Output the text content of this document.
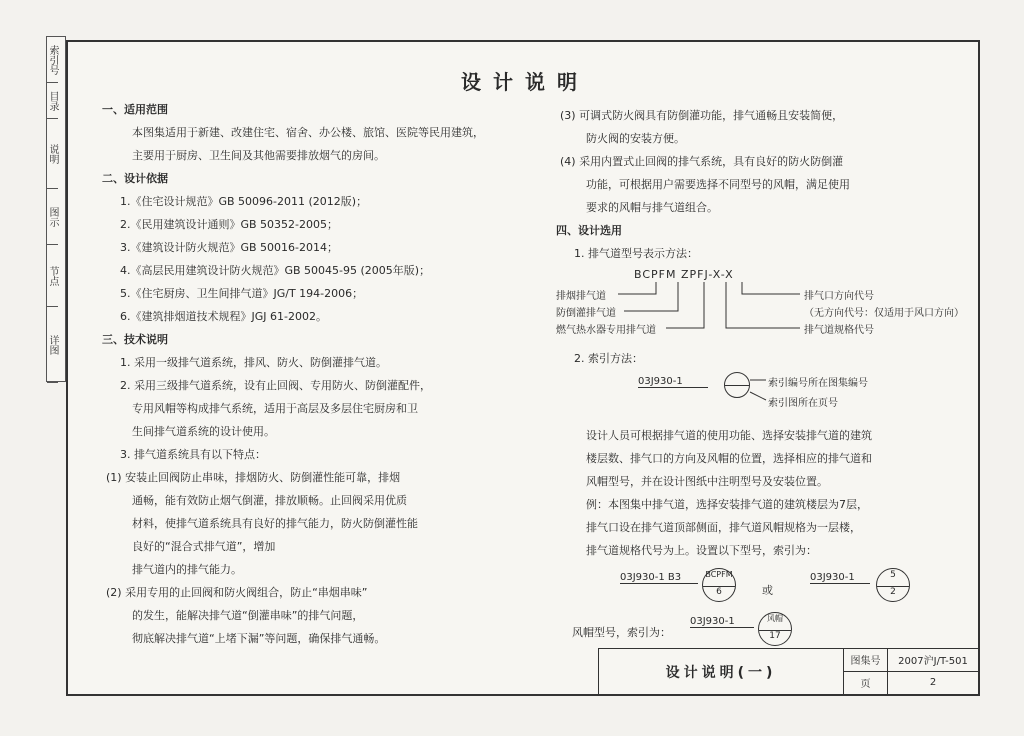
索引号
目录
说明
图示
节点
详图
设计说明(一)
图集号	2007沪J/T-501
页	2
设计说明

一、适用范围

本图集适用于新建、改建住宅、宿舍、办公楼、旅馆、医院等民用建筑，

主要用于厨房、卫生间及其他需要排放烟气的房间。

二、设计依据

1.《住宅设计规范》GB 50096-2011 (2012版)；

2.《民用建筑设计通则》GB 50352-2005；

3.《建筑设计防火规范》GB 50016-2014；

4.《高层民用建筑设计防火规范》GB 50045-95 (2005年版)；

5.《住宅厨房、卫生间排气道》JG/T 194-2006；

6.《建筑排烟道技术规程》JGJ 61-2002。

三、技术说明

1. 采用一级排气道系统，排风、防火、防倒灌排气道。

2. 采用三级排气道系统，设有止回阀、专用防火、防倒灌配件，

专用风帽等构成排气系统，适用于高层及多层住宅厨房和卫

生间排气道系统的设计使用。

3. 排气道系统具有以下特点：

(1) 安装止回阀防止串味，排烟防火、防倒灌性能可靠，排烟

通畅，能有效防止烟气倒灌，排放顺畅。止回阀采用优质

材料，使排气道系统具有良好的排气能力，防火防倒灌性能

良好的“混合式排气道”，增加

排气道内的排气能力。

(2) 采用专用的止回阀和防火阀组合，防止“串烟串味”

的发生，能解决排气道“倒灌串味”的排气问题，

彻底解决排气道“上堵下漏”等问题，确保排气通畅。

(3) 可调式防火阀具有防倒灌功能，排气通畅且安装简便，

防火阀的安装方便。

(4) 采用内置式止回阀的排气系统，具有良好的防火防倒灌

功能，可根据用户需要选择不同型号的风帽，满足使用

要求的风帽与排气道组合。

四、设计选用

1. 排气道型号表示方法：

BCPFM ZPFJ-X-X
排烟排气道
防倒灌排气道
燃气热水器专用排气道
排气口方向代号
（无方向代号：仅适用于风口方向）
排气道规格代号
2. 索引方法：
03J930-1	索引编号所在图集编号
索引图所在页号

设计人员可根据排气道的使用功能、选择安装排气道的建筑

楼层数、排气口的方向及风帽的位置，选择相应的排气道和

风帽型号，并在设计图纸中注明型号及安装位置。

例：本图集中排气道，选择安装排气道的建筑楼层为7层，

排气口设在排气道顶部侧面，排气道风帽规格为一层楼，

排气道规格代号为上。设置以下型号，索引为：

03J930-1 B3	BCPFM
6	或
03J930-1	5
2
风帽型号，索引为：
03J930-1	风帽
17
